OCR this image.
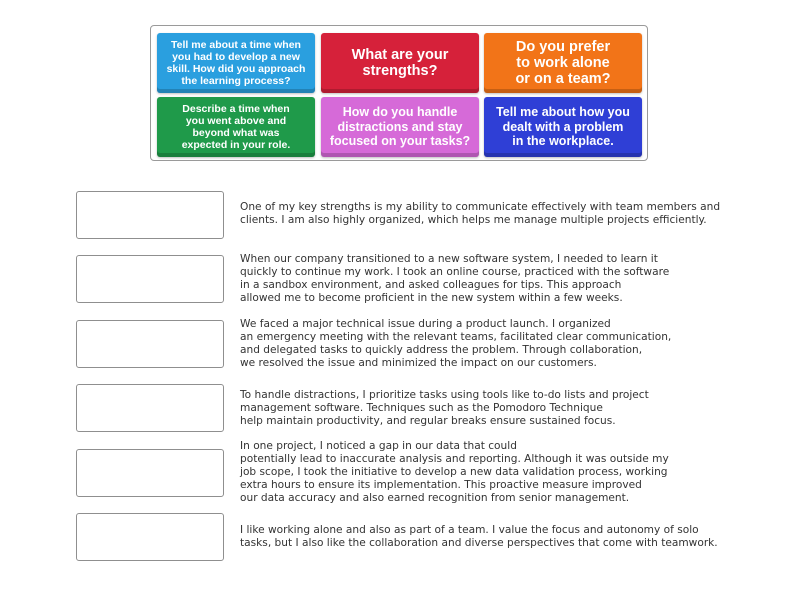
Tell me about a time when
you had to develop a new
skill. How did you approach
the learning process?
What are your
strengths?
Do you prefer
to work alone
or on a team?
Describe a time when
you went above and
beyond what was
expected in your role.
How do you handle
distractions and stay
focused on your tasks?
Tell me about how you
dealt with a problem
in the workplace.
One of my key strengths is my ability to communicate effectively with team members and
clients. I am also highly organized, which helps me manage multiple projects efficiently.
When our company transitioned to a new software system, I needed to learn it
quickly to continue my work. I took an online course, practiced with the software
in a sandbox environment, and asked colleagues for tips. This approach
allowed me to become proficient in the new system within a few weeks.
We faced a major technical issue during a product launch. I organized
an emergency meeting with the relevant teams, facilitated clear communication,
and delegated tasks to quickly address the problem. Through collaboration,
we resolved the issue and minimized the impact on our customers.
To handle distractions, I prioritize tasks using tools like to-do lists and project
management software. Techniques such as the Pomodoro Technique
help maintain productivity, and regular breaks ensure sustained focus.
In one project, I noticed a gap in our data that could
potentially lead to inaccurate analysis and reporting. Although it was outside my
job scope, I took the initiative to develop a new data validation process, working
extra hours to ensure its implementation. This proactive measure improved
our data accuracy and also earned recognition from senior management.
I like working alone and also as part of a team. I value the focus and autonomy of solo
tasks, but I also like the collaboration and diverse perspectives that come with teamwork.
